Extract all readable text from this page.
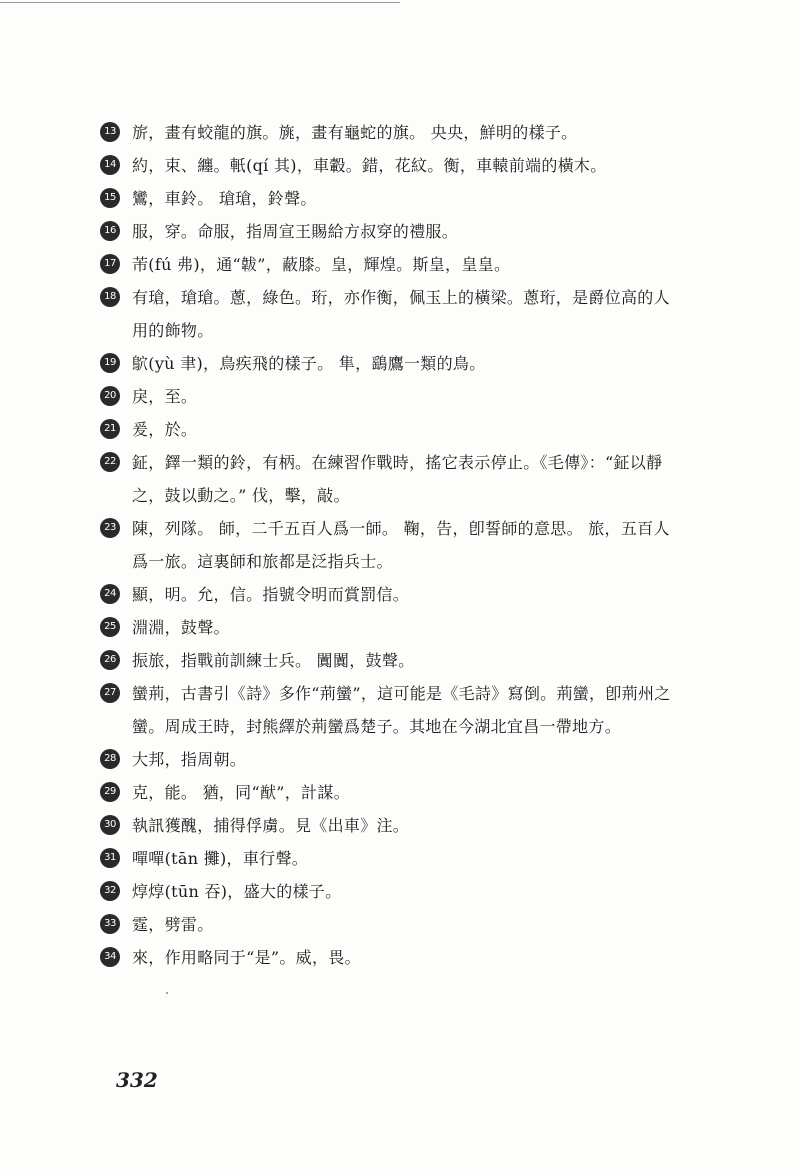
13 旂，畫有蛟龍的旗。旐，畫有龜蛇的旗。 央央，鮮明的樣子。
14 約，束、纏。軝(qí 其)，車轂。錯，花紋。衡，車轅前端的橫木。
15 鸞，車鈴。 瑲瑲，鈴聲。
16 服，穿。命服，指周宣王賜給方叔穿的禮服。
17 芾(fú 弗)，通“韍”，蔽膝。皇，輝煌。斯皇，皇皇。
18 有瑲，瑲瑲。蔥，綠色。珩，亦作衡，佩玉上的橫梁。蔥珩，是爵位高的人用的飾物。
19 鴥(yù 聿)，鳥疾飛的樣子。 隼，鷂鷹一類的鳥。
20 戾，至。
21 爰，於。
22 鉦，鐸一類的鈴，有柄。在練習作戰時，搖它表示停止。《毛傳》：“鉦以靜之，鼓以動之。” 伐，擊，敲。
23 陳，列隊。 師，二千五百人爲一師。 鞠，告，卽誓師的意思。 旅，五百人爲一旅。這裏師和旅都是泛指兵士。
24 顯，明。允，信。指號令明而賞罰信。
25 淵淵，鼓聲。
26 振旅，指戰前訓練士兵。 闐闐，鼓聲。
27 蠻荊，古書引《詩》多作“荊蠻”，這可能是《毛詩》寫倒。荊蠻，卽荊州之蠻。周成王時，封熊繹於荊蠻爲楚子。其地在今湖北宜昌一帶地方。
28 大邦，指周朝。
29 克，能。 猶，同“猷”，計謀。
30 執訊獲醜，捕得俘虜。見《出車》注。
31 嘽嘽(tān 攤)，車行聲。
32 焞焞(tūn 吞)，盛大的樣子。
33 霆，劈雷。
34 來，作用略同于“是”。威，畏。
332
